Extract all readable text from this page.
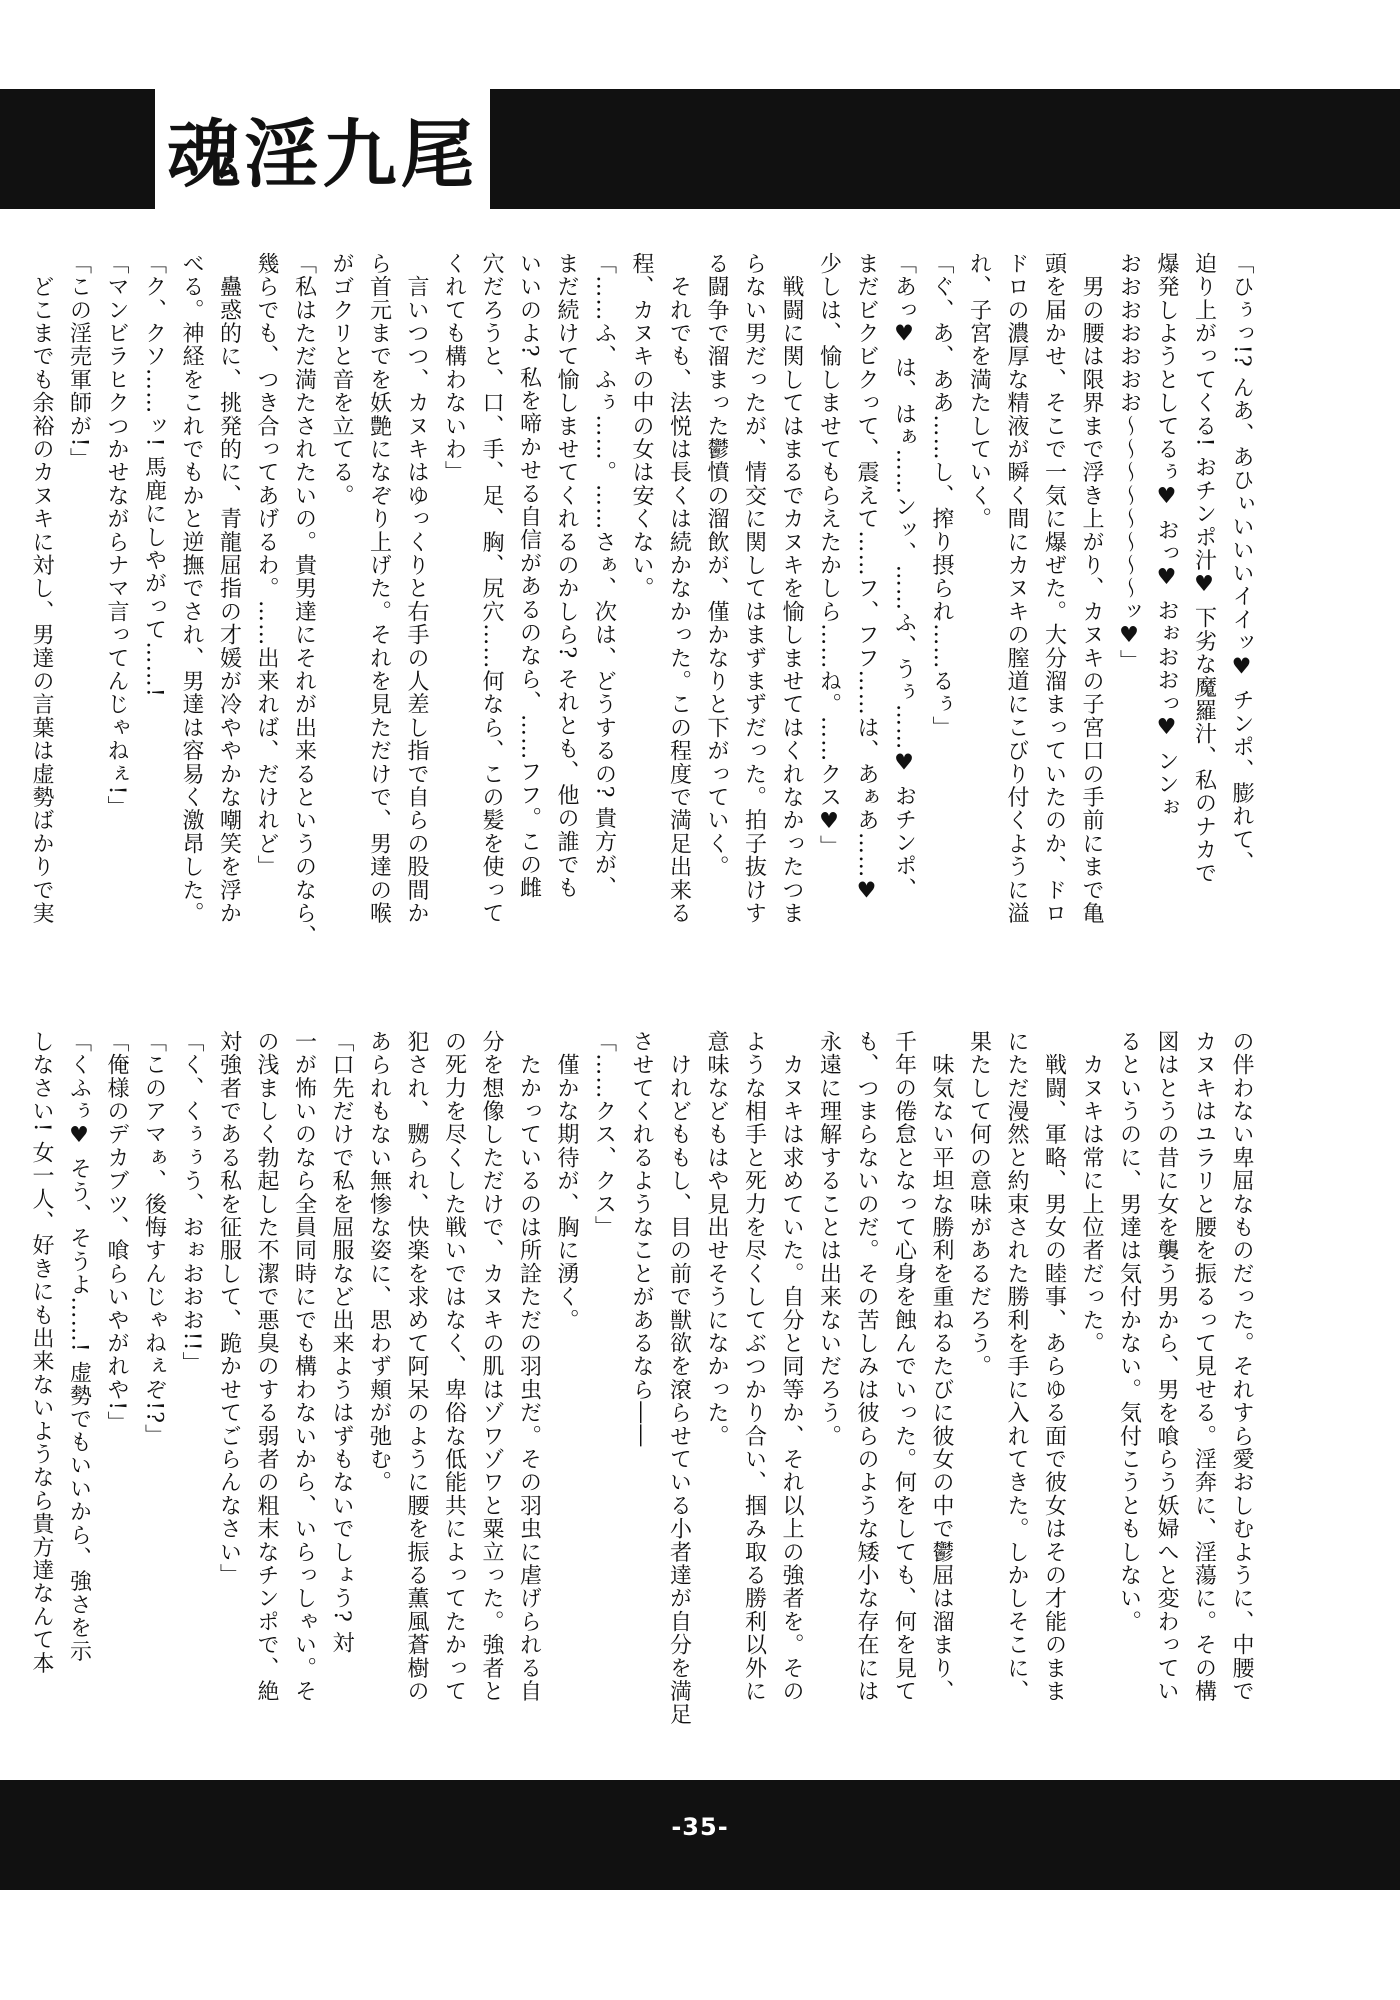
魂淫九尾
「ひぅっ!? んあ、あひぃいいいイイッ♥ チンポ、膨れて、
迫り上がってくる! おチンポ汁♥ 下劣な魔羅汁、私のナカで
爆発しようとしてるぅ♥ おっ♥ おぉおおっ♥ ンンぉ
おおおおおおお〜〜〜〜〜〜〜〜ッ♥」
　男の腰は限界まで浮き上がり、カヌキの子宮口の手前にまで亀
頭を届かせ、そこで一気に爆ぜた。大分溜まっていたのか、ドロ
ドロの濃厚な精液が瞬く間にカヌキの膣道にこびり付くように溢
れ、子宮を満たしていく。
「ぐ、あ、ああ……し、搾り摂られ……るぅ」
「あっ♥ は、はぁ……ンッ、……ふ、うぅ……♥ おチンポ、
まだビクビクって、震えて……フ、フフ……は、あぁあ……♥
少しは、愉しませてもらえたかしら……ね。……クス♥」
　戦闘に関してはまるでカヌキを愉しませてはくれなかったつま
らない男だったが、情交に関してはまずまずだった。拍子抜けす
る闘争で溜まった鬱憤の溜飲が、僅かなりと下がっていく。
　それでも、法悦は長くは続かなかった。この程度で満足出来る
程、カヌキの中の女は安くない。
「……ふ、ふぅ……。……さぁ、次は、どうするの? 貴方が、
まだ続けて愉しませてくれるのかしら? それとも、他の誰でも
いいのよ? 私を啼かせる自信があるのなら、……フフ。この雌
穴だろうと、口、手、足、胸、尻穴……何なら、この髪を使って
くれても構わないわ」
　言いつつ、カヌキはゆっくりと右手の人差し指で自らの股間か
ら首元までを妖艶になぞり上げた。それを見ただけで、男達の喉
がゴクリと音を立てる。
「私はただ満たされたいの。貴男達にそれが出来るというのなら、
幾らでも、つき合ってあげるわ。……出来れば、だけれど」
　蠱惑的に、挑発的に、青龍屈指の才媛が冷ややかな嘲笑を浮か
べる。神経をこれでもかと逆撫でされ、男達は容易く激昂した。
「ク、クソ……ッ! 馬鹿にしやがって……!
「マンビラヒクつかせながらナマ言ってんじゃねぇ!」
「この淫売軍師が!」
　どこまでも余裕のカヌキに対し、男達の言葉は虚勢ばかりで実
の伴わない卑屈なものだった。それすら愛おしむように、中腰で
カヌキはユラリと腰を振るって見せる。淫奔に、淫蕩に。その構
図はとうの昔に女を襲う男から、男を喰らう妖婦へと変わってい
るというのに、男達は気付かない。気付こうともしない。
　カヌキは常に上位者だった。
　戦闘、軍略、男女の睦事、あらゆる面で彼女はその才能のまま
にただ漫然と約束された勝利を手に入れてきた。しかしそこに、
果たして何の意味があるだろう。
　味気ない平坦な勝利を重ねるたびに彼女の中で鬱屈は溜まり、
千年の倦怠となって心身を蝕んでいった。何をしても、何を見て
も、つまらないのだ。その苦しみは彼らのような矮小な存在には
永遠に理解することは出来ないだろう。
　カヌキは求めていた。自分と同等か、それ以上の強者を。その
ような相手と死力を尽くしてぶつかり合い、掴み取る勝利以外に
意味などもはや見出せそうになかった。
　けれどももし、目の前で獣欲を滾らせている小者達が自分を満足
させてくれるようなことがあるなら――
「……クス、クス」
　僅かな期待が、胸に湧く。
　たかっているのは所詮ただの羽虫だ。その羽虫に虐げられる自
分を想像しただけで、カヌキの肌はゾワゾワと粟立った。強者と
の死力を尽くした戦いではなく、卑俗な低能共によってたかって
犯され、嬲られ、快楽を求めて阿呆のように腰を振る薫風蒼樹の
あられもない無惨な姿に、思わず頬が弛む。
「口先だけで私を屈服など出来ようはずもないでしょう? 対
一が怖いのなら全員同時にでも構わないから、いらっしゃい。そ
の浅ましく勃起した不潔で悪臭のする弱者の粗末なチンポで、絶
対強者である私を征服して、跪かせてごらんなさい」
「く、くぅぅう、おぉおおお!!」
「このアマぁ、後悔すんじゃねぇぞ!?」
「俺様のデカブツ、喰らいやがれや!」
「くふぅ♥ そう、そうよ……! 虚勢でもいいから、強さを示
しなさい! 女一人、好きにも出来ないようなら貴方達なんて本
-35-
